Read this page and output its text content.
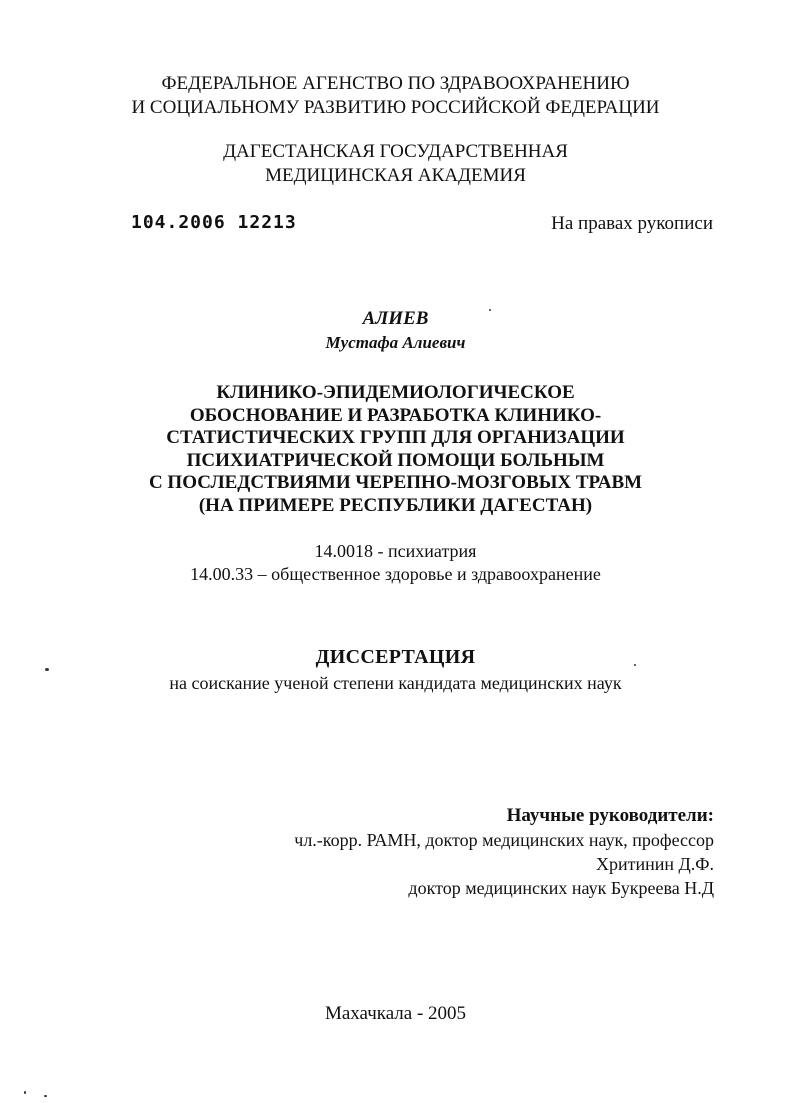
ФЕДЕРАЛЬНОЕ АГЕНСТВО ПО ЗДРАВООХРАНЕНИЮ
И СОЦИАЛЬНОМУ РАЗВИТИЮ РОССИЙСКОЙ ФЕДЕРАЦИИ
ДАГЕСТАНСКАЯ ГОСУДАРСТВЕННАЯ
МЕДИЦИНСКАЯ АКАДЕМИЯ
104.2006 12213	На правах рукописи
АЛИЕВ
Мустафа Алиевич
КЛИНИКО-ЭПИДЕМИОЛОГИЧЕСКОЕ
ОБОСНОВАНИЕ И РАЗРАБОТКА КЛИНИКО-
СТАТИСТИЧЕСКИХ ГРУПП ДЛЯ ОРГАНИЗАЦИИ
ПСИХИАТРИЧЕСКОЙ ПОМОЩИ БОЛЬНЫМ
С ПОСЛЕДСТВИЯМИ ЧЕРЕПНО-МОЗГОВЫХ ТРАВМ
(НА ПРИМЕРЕ РЕСПУБЛИКИ ДАГЕСТАН)
14.0018 - психиатрия
14.00.33 – общественное здоровье и здравоохранение
ДИССЕРТАЦИЯ
на соискание ученой степени кандидата медицинских наук
Научные руководители:
чл.-корр. РАМН, доктор медицинских наук, профессор
Хритинин Д.Ф.
доктор медицинских наук Букреева Н.Д
Махачкала - 2005
